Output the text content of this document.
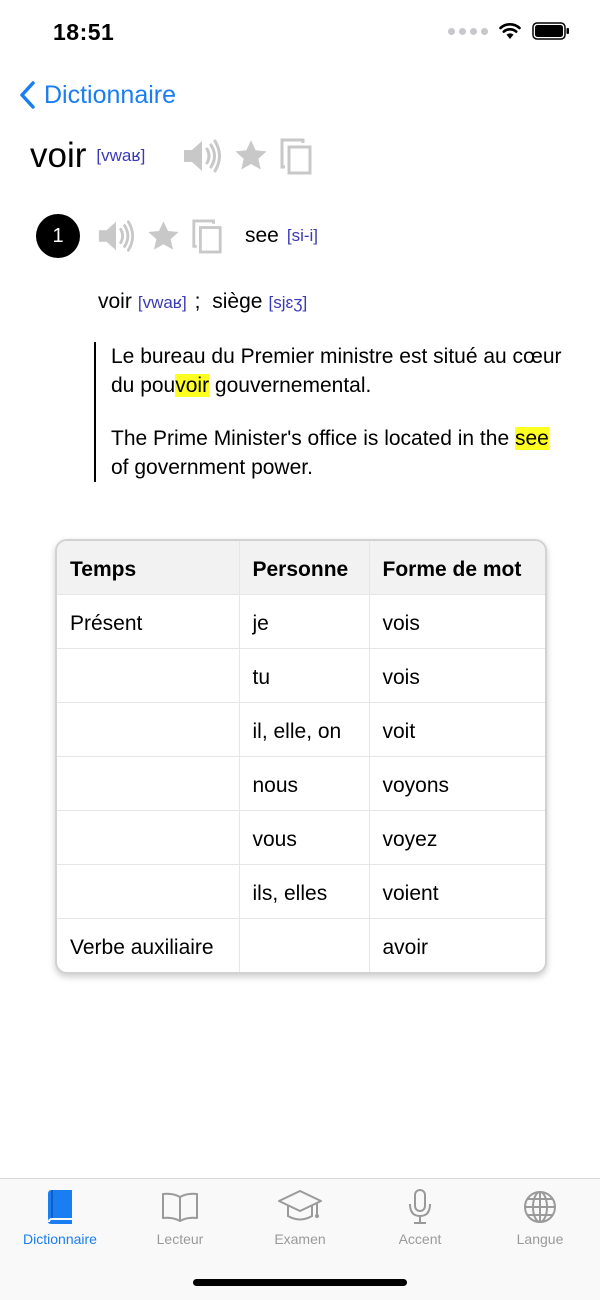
18:51
Dictionnaire
voir [vwaʁ]
1	see [si-i]
voir [vwaʁ] ; siège [sjɛʒ]

Le bureau du Premier ministre est situé au cœur du pouvoir gouvernemental.

The Prime Minister's office is located in the see of government power.

Temps	Personne	Forme de mot
Présent	je	vois
	tu	vois
	il, elle, on	voit
	nous	voyons
	vous	voyez
	ils, elles	voient
Verbe auxiliaire		avoir
Dictionnaire	Lecteur	Examen	Accent	Langue
